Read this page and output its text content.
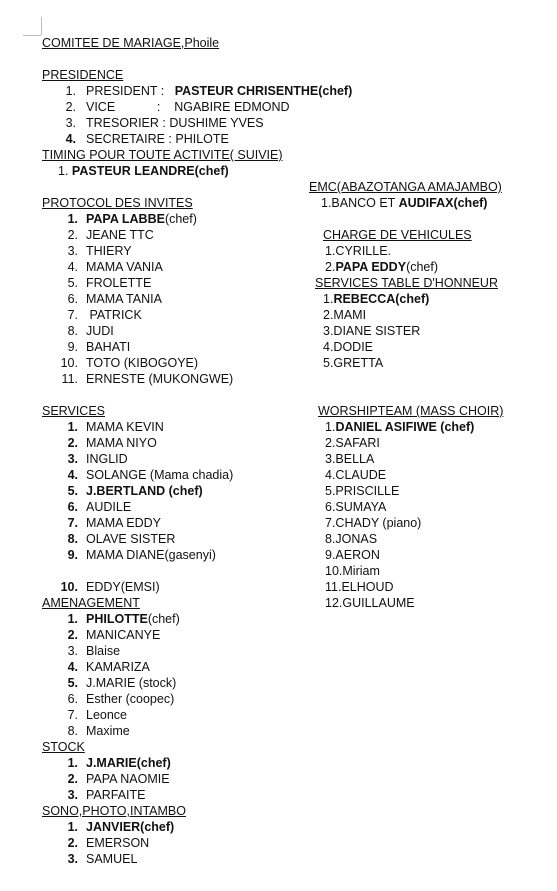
COMITEE DE MARIAGE,Phoile
PRESIDENCE
1. PRESIDENT :   PASTEUR CHRISENTHE(chef)
2. VICE            :    NGABIRE EDMOND
3. TRESORIER : DUSHIME YVES
4. SECRETAIRE : PHILOTE
TIMING POUR TOUTE ACTIVITE( SUIVIE)
1. PASTEUR LEANDRE(chef)
EMC(ABAZOTANGA AMAJAMBO)
1.BANCO ET AUDIFAX(chef)
PROTOCOL DES INVITES
1. PAPA LABBE(chef)
2. JEANE TTC
3. THIERY
4. MAMA VANIA
5. FROLETTE
6. MAMA TANIA
7. PATRICK
8. JUDI
9. BAHATI
10. TOTO (KIBOGOYE)
11. ERNESTE (MUKONGWE)
CHARGE DE VEHICULES
1.CYRILLE.
2.PAPA EDDY(chef)
SERVICES TABLE D'HONNEUR
1.REBECCA(chef)
2.MAMI
3.DIANE SISTER
4.DODIE
5.GRETTA
SERVICES
1. MAMA KEVIN
2. MAMA NIYO
3. INGLID
4. SOLANGE (Mama chadia)
5. J.BERTLAND (chef)
6. AUDILE
7. MAMA EDDY
8. OLAVE SISTER
9. MAMA DIANE(gasenyi)
10. EDDY(EMSI)
WORSHIPTEAM (MASS CHOIR)
1.DANIEL ASIFIWE (chef)
2.SAFARI
3.BELLA
4.CLAUDE
5.PRISCILLE
6.SUMAYA
7.CHADY (piano)
8.JONAS
9.AERON
10.Miriam
11.ELHOUD
12.GUILLAUME
AMENAGEMENT
1. PHILOTTE(chef)
2. MANICANYE
3. Blaise
4. KAMARIZA
5. J.MARIE (stock)
6. Esther (coopec)
7. Leonce
8. Maxime
STOCK
1. J.MARIE(chef)
2. PAPA NAOMIE
3. PARFAITE
SONO,PHOTO,INTAMBO
1. JANVIER(chef)
2. EMERSON
3. SAMUEL
